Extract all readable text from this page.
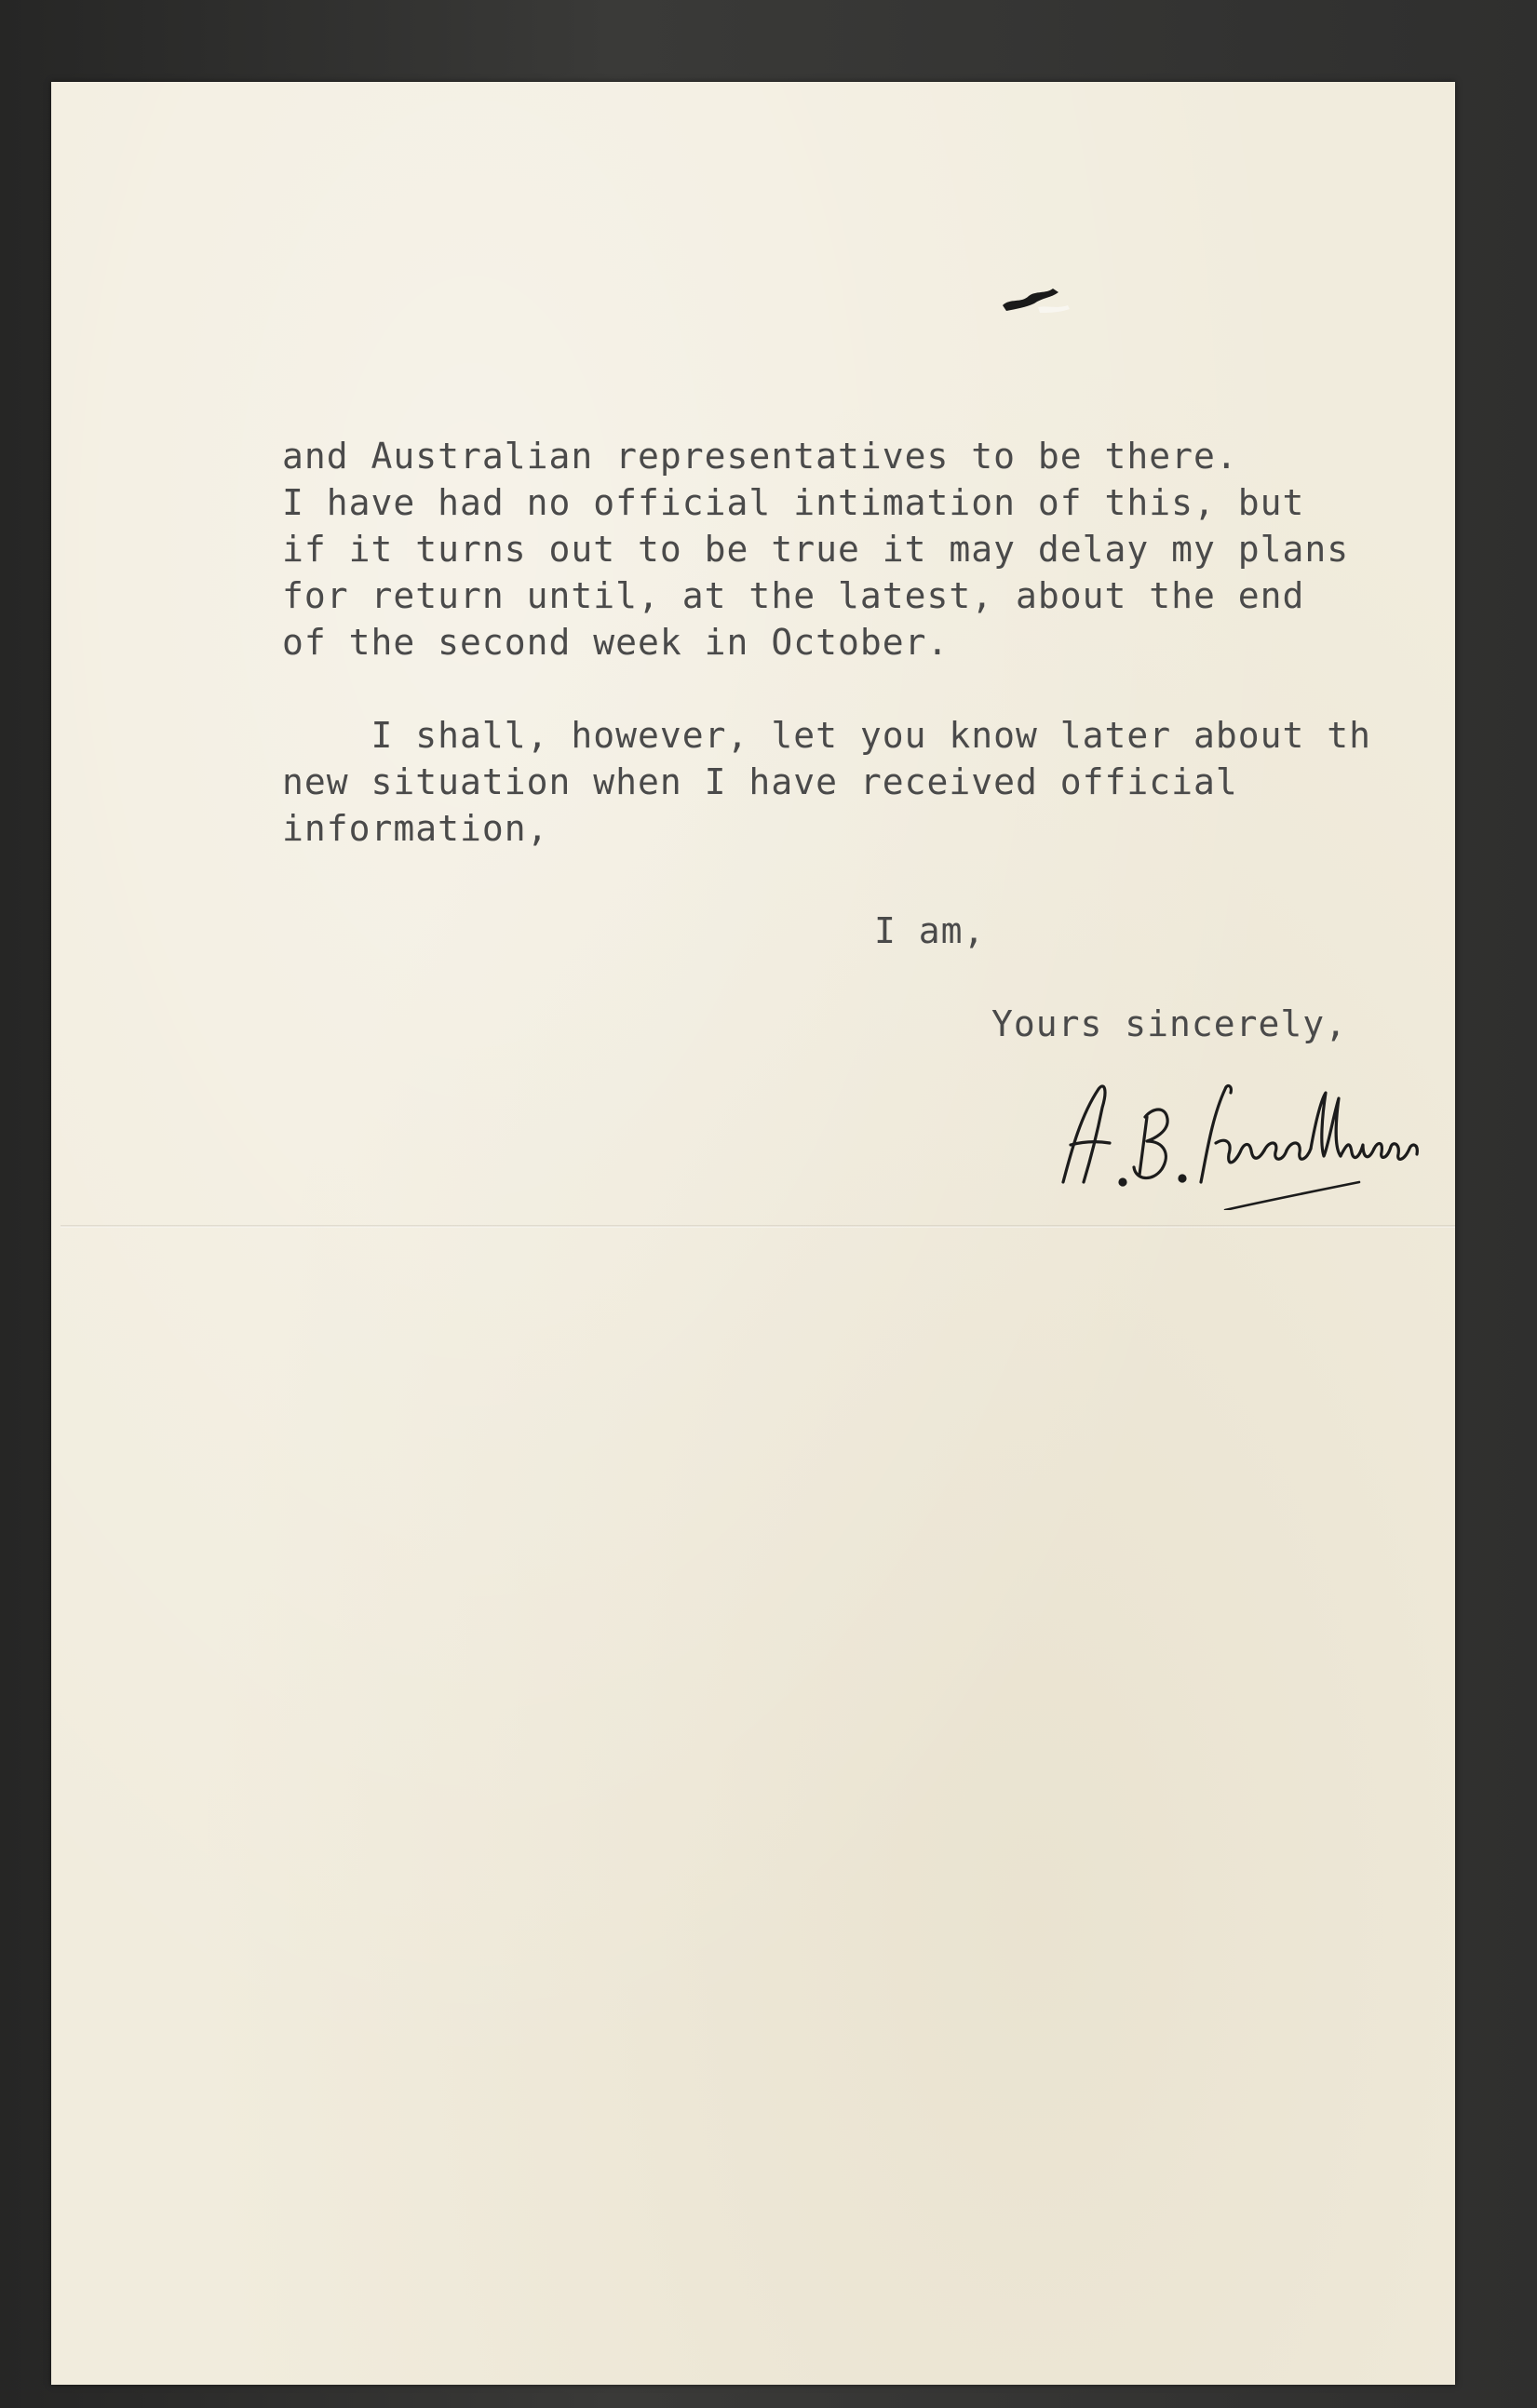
and Australian representatives to be there.

I have had no official intimation of this, but

if it turns out to be true it may delay my plans

for return until, at the latest, about the end

of the second week in October.

I shall, however, let you know later about th

new situation when I have received official

information,

I am,

Yours sincerely,
